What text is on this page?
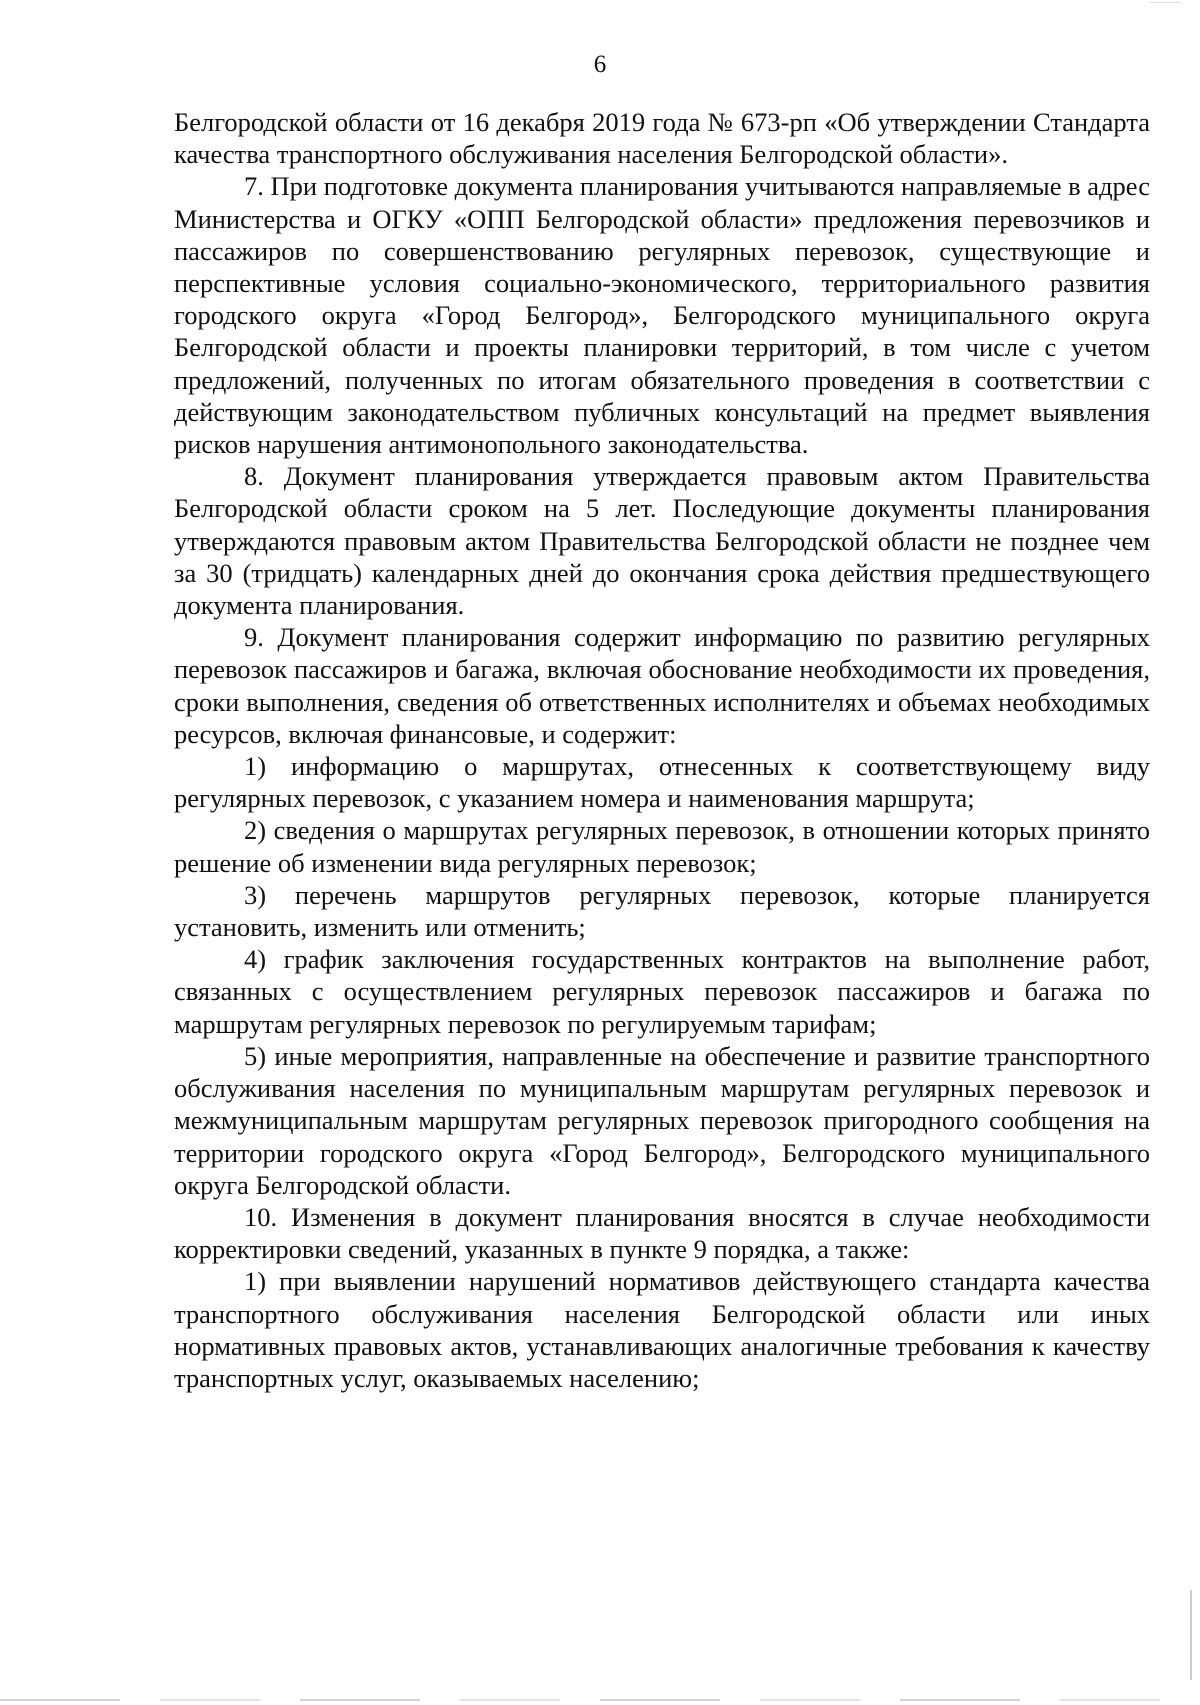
6

Белгородской области от 16 декабря 2019 года № 673-рп «Об утверждении Стандарта качества транспортного обслуживания населения Белгородской области».

7. При подготовке документа планирования учитываются направляемые в адрес Министерства и ОГКУ «ОПП Белгородской области» предложения перевозчиков и пассажиров по совершенствованию регулярных перевозок, существующие и перспективные условия социально-экономического, территориального развития городского округа «Город Белгород», Белгородского муниципального округа Белгородской области и проекты планировки территорий, в том числе с учетом предложений, полученных по итогам обязательного проведения в соответствии с действующим законодательством публичных консультаций на предмет выявления рисков нарушения антимонопольного законодательства.

8. Документ планирования утверждается правовым актом Правительства Белгородской области сроком на 5 лет. Последующие документы планирования утверждаются правовым актом Правительства Белгородской области не позднее чем за 30 (тридцать) календарных дней до окончания срока действия предшествующего документа планирования.

9. Документ планирования содержит информацию по развитию регулярных перевозок пассажиров и багажа, включая обоснование необходимости их проведения, сроки выполнения, сведения об ответственных исполнителях и объемах необходимых ресурсов, включая финансовые, и содержит:

1) информацию о маршрутах, отнесенных к соответствующему виду регулярных перевозок, с указанием номера и наименования маршрута;

2) сведения о маршрутах регулярных перевозок, в отношении которых принято решение об изменении вида регулярных перевозок;

3) перечень маршрутов регулярных перевозок, которые планируется установить, изменить или отменить;

4) график заключения государственных контрактов на выполнение работ, связанных с осуществлением регулярных перевозок пассажиров и багажа по маршрутам регулярных перевозок по регулируемым тарифам;

5) иные мероприятия, направленные на обеспечение и развитие транспортного обслуживания населения по муниципальным маршрутам регулярных перевозок и межмуниципальным маршрутам регулярных перевозок пригородного сообщения на территории городского округа «Город Белгород», Белгородского муниципального округа Белгородской области.

10. Изменения в документ планирования вносятся в случае необходимости корректировки сведений, указанных в пункте 9 порядка, а также:

1) при выявлении нарушений нормативов действующего стандарта качества транспортного обслуживания населения Белгородской области или иных нормативных правовых актов, устанавливающих аналогичные требования к качеству транспортных услуг, оказываемых населению;
